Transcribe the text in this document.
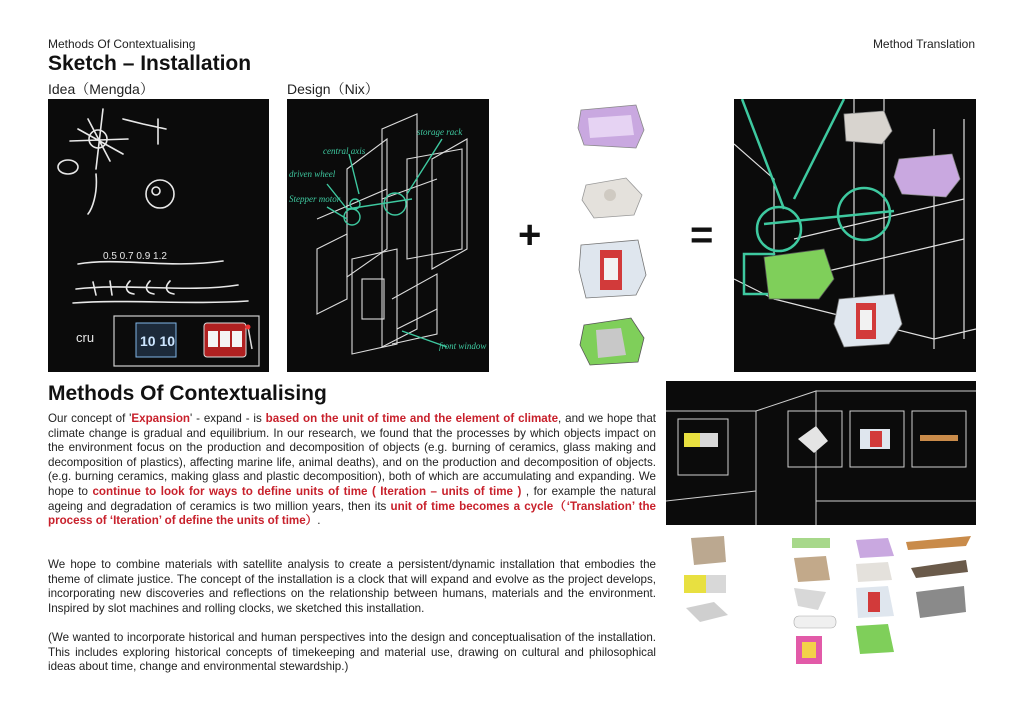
Methods Of Contextualising	Method Translation
Sketch – Installation
Idea（Mengda）	Design（Nix）
0.5 0.7 0.9 1.2
cru	10 10
central axis
storage rack
driven wheel
Stepper motor
front window
+	=
Methods Of Contextualising
Our concept of 'Expansion' - expand - is based on the unit of time and the element of climate, and we hope that climate change is gradual and equilibrium. In our research, we found that the processes by which objects impact on the environment focus on the production and decomposition of objects (e.g. burning of ceramics, glass making and decomposition of plastics), affecting marine life, animal deaths), and on the production and decomposition of objects. (e.g. burning ceramics, making glass and plastic decomposition), both of which are accumulating and expanding. We hope to continue to look for ways to define units of time ( Iteration – units of time ) , for example the natural ageing and degradation of ceramics is two million years, then its unit of time becomes a cycle（‘Translation’ the process of ‘Iteration’ of define the units of time）.
We hope to combine materials with satellite analysis to create a persistent/dynamic installation that embodies the theme of climate justice. The concept of the installation is a clock that will expand and evolve as the project develops, incorporating new discoveries and reflections on the relationship between humans, materials and the environment. Inspired by slot machines and rolling clocks, we sketched this installation.
(We wanted to incorporate historical and human perspectives into the design and conceptualisation of the installation. This includes exploring historical concepts of timekeeping and material use, drawing on cultural and philosophical ideas about time, change and environmental stewardship.)
